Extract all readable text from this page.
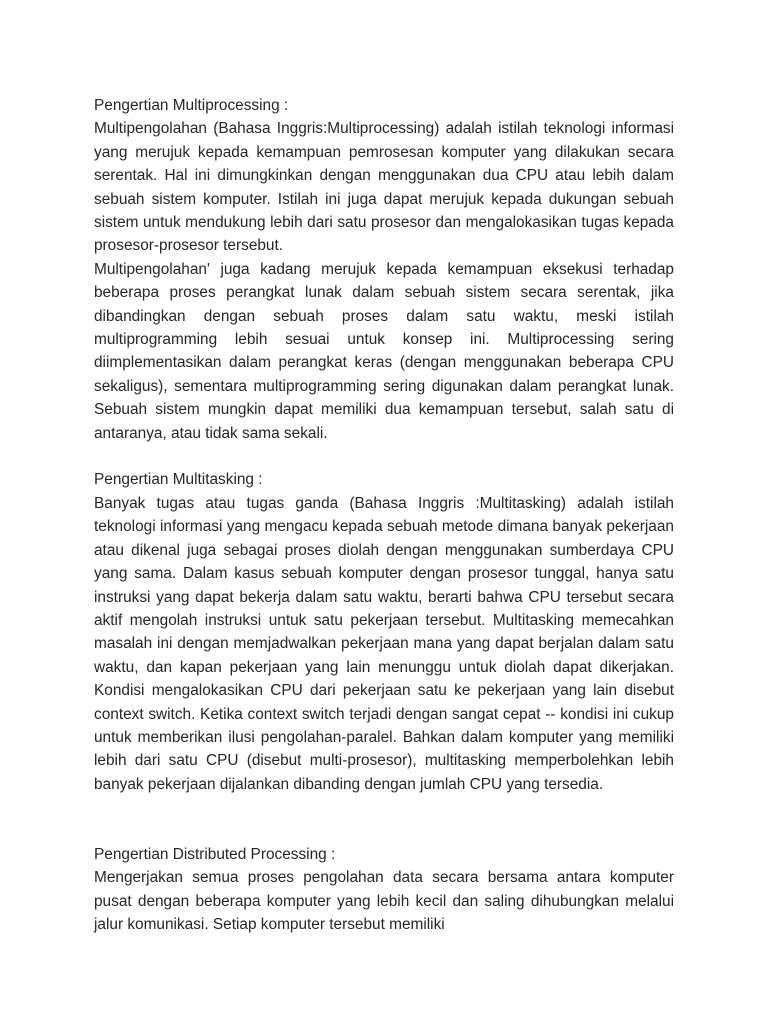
Pengertian Multiprocessing :

Multipengolahan (Bahasa Inggris:Multiprocessing) adalah istilah teknologi informasi yang merujuk kepada kemampuan pemrosesan komputer yang dilakukan secara serentak. Hal ini dimungkinkan dengan menggunakan dua CPU atau lebih dalam sebuah sistem komputer. Istilah ini juga dapat merujuk kepada dukungan sebuah sistem untuk mendukung lebih dari satu prosesor dan mengalokasikan tugas kepada prosesor-prosesor tersebut.

Multipengolahan' juga kadang merujuk kepada kemampuan eksekusi terhadap beberapa proses perangkat lunak dalam sebuah sistem secara serentak, jika dibandingkan dengan sebuah proses dalam satu waktu, meski istilah multiprogramming lebih sesuai untuk konsep ini. Multiprocessing sering diimplementasikan dalam perangkat keras (dengan menggunakan beberapa CPU sekaligus), sementara multiprogramming sering digunakan dalam perangkat lunak. Sebuah sistem mungkin dapat memiliki dua kemampuan tersebut, salah satu di antaranya, atau tidak sama sekali.

Pengertian Multitasking :

Banyak tugas atau tugas ganda (Bahasa Inggris :Multitasking) adalah istilah teknologi informasi yang mengacu kepada sebuah metode dimana banyak pekerjaan atau dikenal juga sebagai proses diolah dengan menggunakan sumberdaya CPU yang sama. Dalam kasus sebuah komputer dengan prosesor tunggal, hanya satu instruksi yang dapat bekerja dalam satu waktu, berarti bahwa CPU tersebut secara aktif mengolah instruksi untuk satu pekerjaan tersebut. Multitasking memecahkan masalah ini dengan memjadwalkan pekerjaan mana yang dapat berjalan dalam satu waktu, dan kapan pekerjaan yang lain menunggu untuk diolah dapat dikerjakan. Kondisi mengalokasikan CPU dari pekerjaan satu ke pekerjaan yang lain disebut context switch. Ketika context switch terjadi dengan sangat cepat -- kondisi ini cukup untuk memberikan ilusi pengolahan-paralel. Bahkan dalam komputer yang memiliki lebih dari satu CPU (disebut multi-prosesor), multitasking memperbolehkan lebih banyak pekerjaan dijalankan dibanding dengan jumlah CPU yang tersedia.

Pengertian Distributed Processing :

Mengerjakan semua proses pengolahan data secara bersama antara komputer pusat dengan beberapa komputer yang lebih kecil dan saling dihubungkan melalui jalur komunikasi. Setiap komputer tersebut memiliki
